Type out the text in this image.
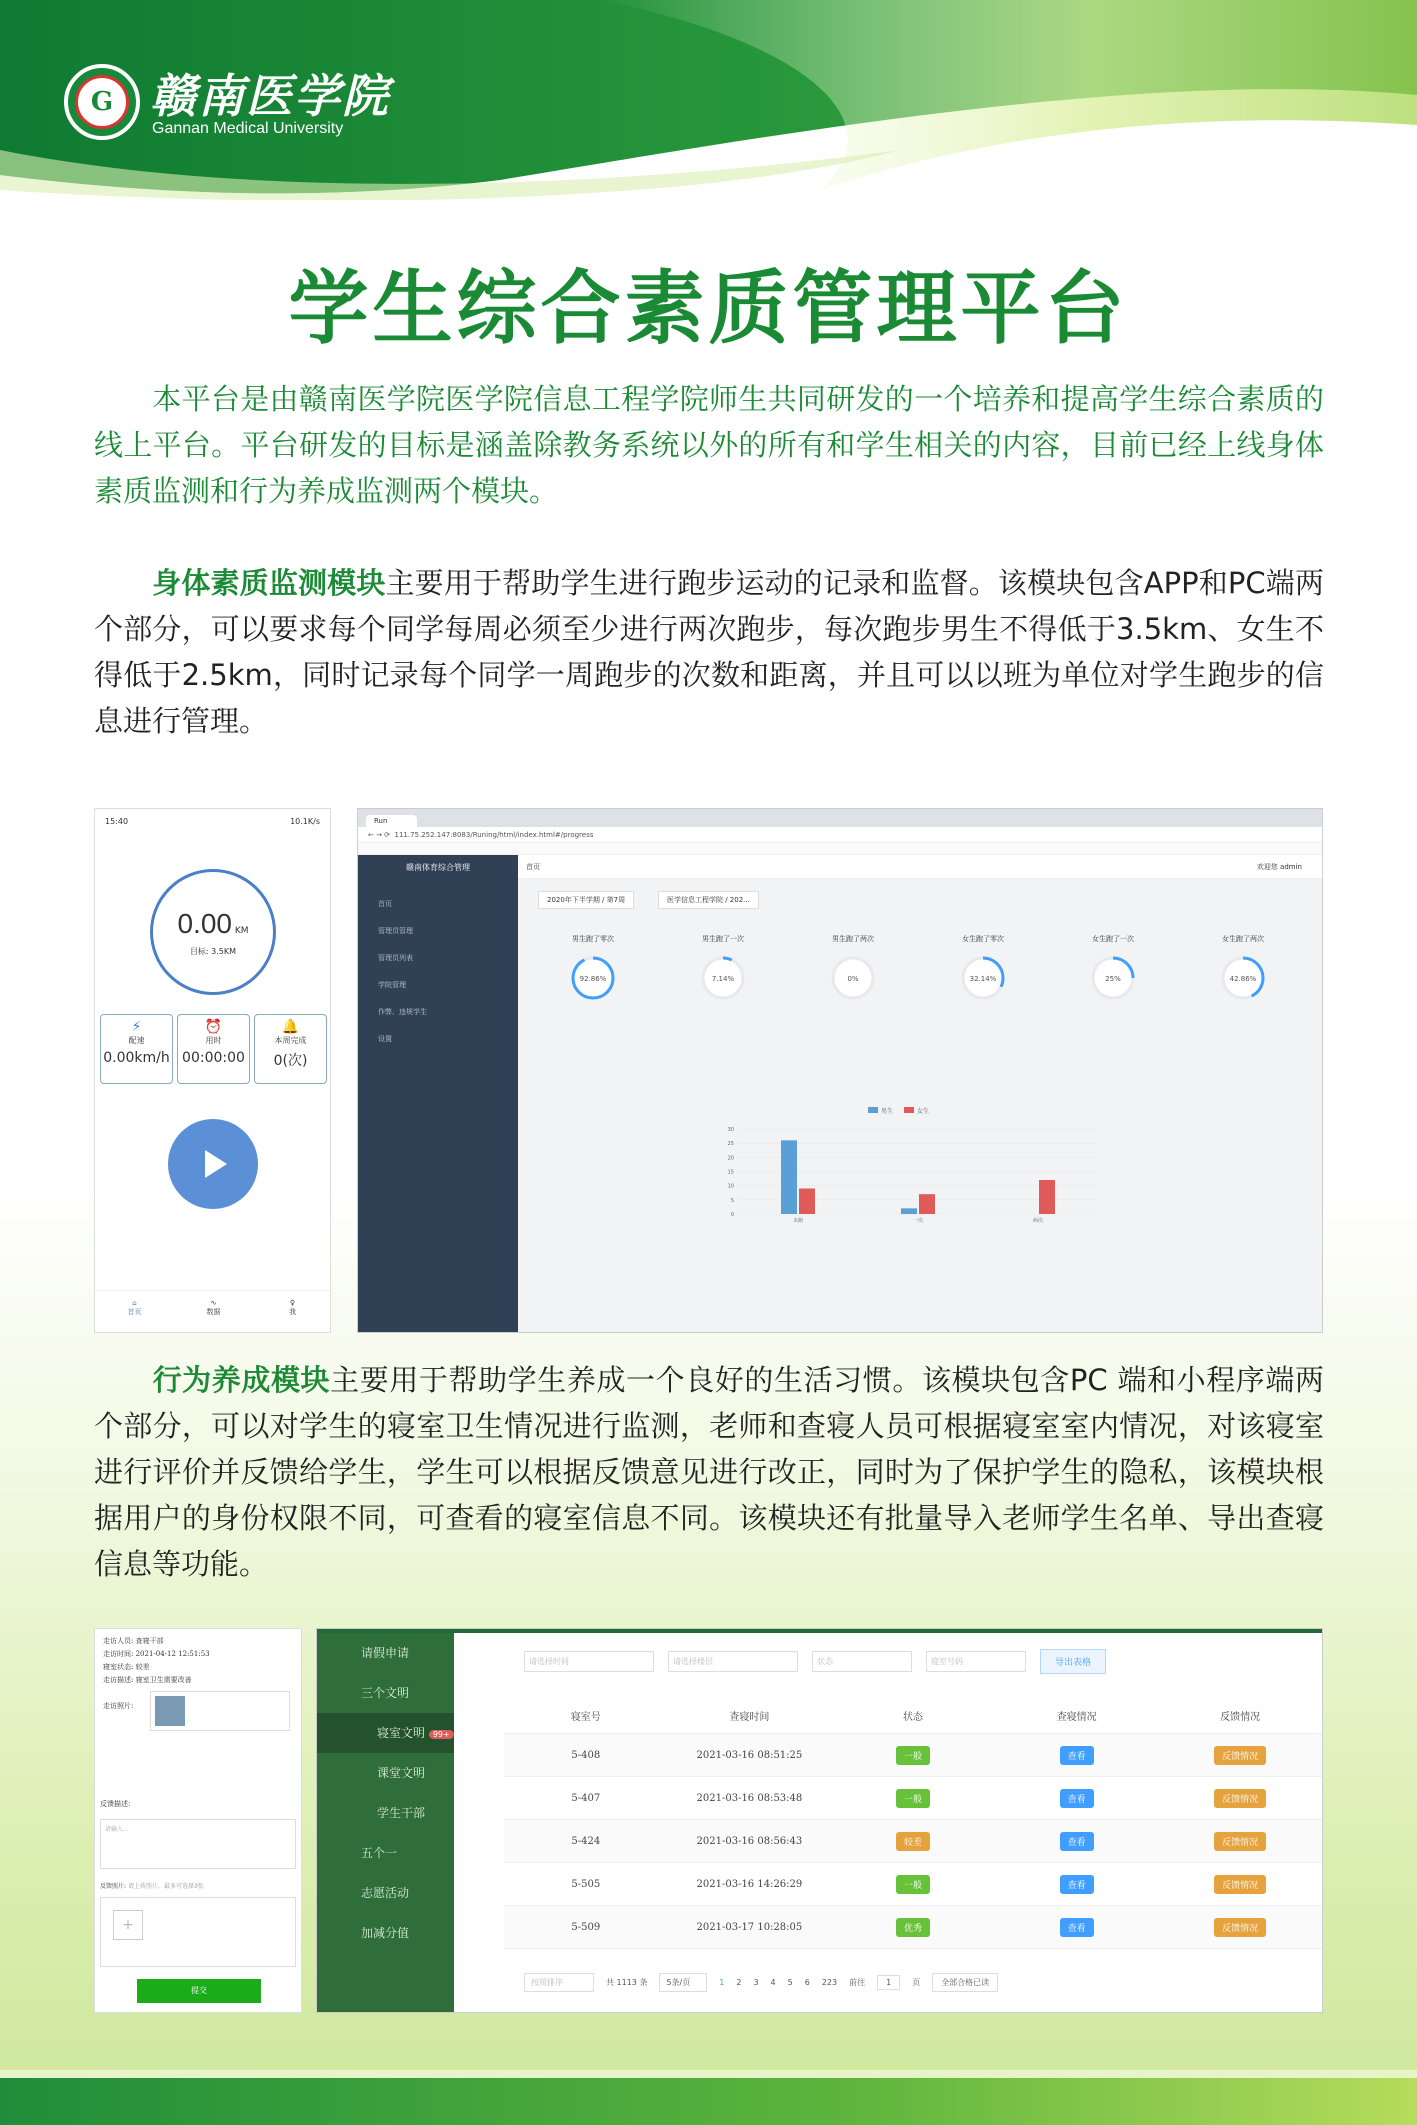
G 赣南医学院
Gannan Medical University
学生综合素质管理平台
本平台是由赣南医学院医学院信息工程学院师生共同研发的一个培养和提高学生综合素质的线上平台。平台研发的目标是涵盖除教务系统以外的所有和学生相关的内容，目前已经上线身体素质监测和行为养成监测两个模块。
身体素质监测模块主要用于帮助学生进行跑步运动的记录和监督。该模块包含APP和PC端两个部分，可以要求每个同学每周必须至少进行两次跑步，每次跑步男生不得低于3.5km、女生不得低于2.5km，同时记录每个同学一周跑步的次数和距离，并且可以以班为单位对学生跑步的信息进行管理。
行为养成模块主要用于帮助学生养成一个良好的生活习惯。该模块包含PC 端和小程序端两个部分，可以对学生的寝室卫生情况进行监测，老师和查寝人员可根据寝室室内情况，对该寝室进行评价并反馈给学生，学生可以根据反馈意见进行改正，同时为了保护学生的隐私，该模块根据用户的身份权限不同，可查看的寝室信息不同。该模块还有批量导入老师学生名单、导出查寝信息等功能。
15:40	10.1K/s
0.00 KM
目标: 3.5KM
⚡
配速
0.00km/h
⏰
用时
00:00:00
🔔
本周完成
0(次)
⌂
首页
∿
数据
♀
我
Run
← → ⟳ 111.75.252.147:8083/Runing/html/index.html#/progress
赣南体育综合管理
首页
管理员管理
管理员列表
学院管理
作弊、违规学生
设置
首页	欢迎您 admin
2020年下半学期 / 第7周	医学信息工程学院 / 202...
男生跑了零次
92.86%
男生跑了一次
7.14%
男生跑了两次
0%
女生跑了零次
32.14%
女生跑了一次
25%
女生跑了两次
42.86%
男生	女生
30
25
20
15
10
5
0
未跑	一次	两次
走访人员: 查寝干部
走访时间: 2021-04-12 12:51:53
寝室状态: 较差
走访描述: 寝室卫生需要改善
走访照片:
反馈描述:
请输入...
反馈照片: 请上传照片，最多可选择3张
+
提交
请假申请
三个文明
寝室文明 99+
课堂文明
学生干部
五个一
志愿活动
加减分值
请选择时间	请选择楼层	状态	寝室号码	导出表格
寝室号	查寝时间	状态	查寝情况	反馈情况
5-408	2021-03-16 08:51:25	一般	查看	反馈情况
5-407	2021-03-16 08:53:48	一般	查看	反馈情况
5-424	2021-03-16 08:56:43	较差	查看	反馈情况
5-505	2021-03-16 14:26:29	一般	查看	反馈情况
5-509	2021-03-17 10:28:05	优秀	查看	反馈情况
按照排序	共 1113 条	5条/页	1 2 3 4 5 6 223 前往	1	页	全部合格已读
